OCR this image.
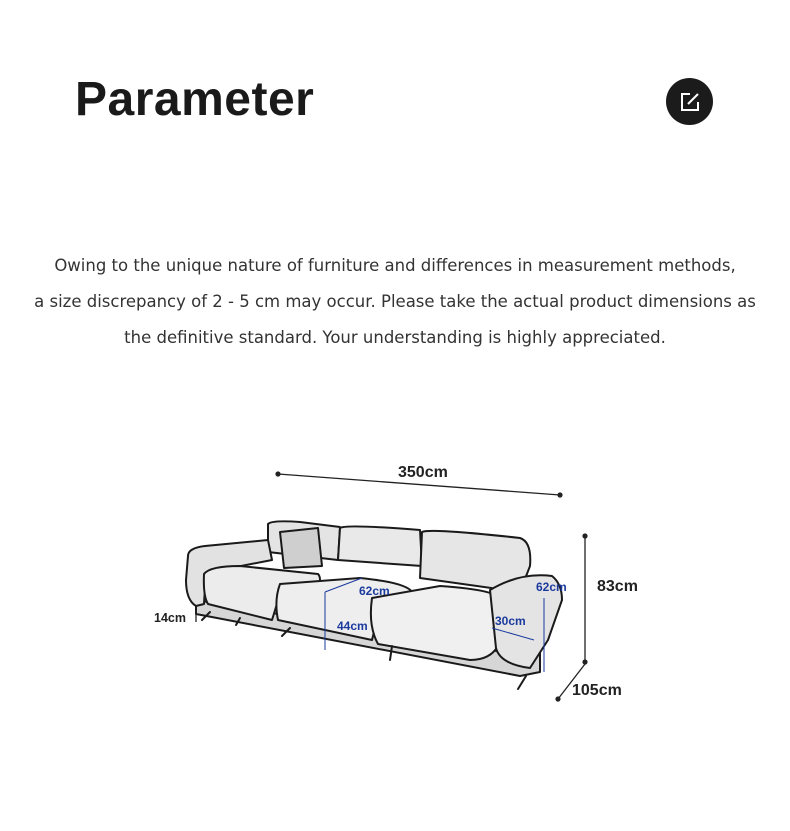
Parameter

Owing to the unique nature of furniture and differences in measurement methods,

a size discrepancy of 2 - 5 cm may occur. Please take the actual product dimensions as

the definitive standard. Your understanding is highly appreciated.

350cm
83cm
105cm
62cm
44cm
62cm
30cm
14cm
